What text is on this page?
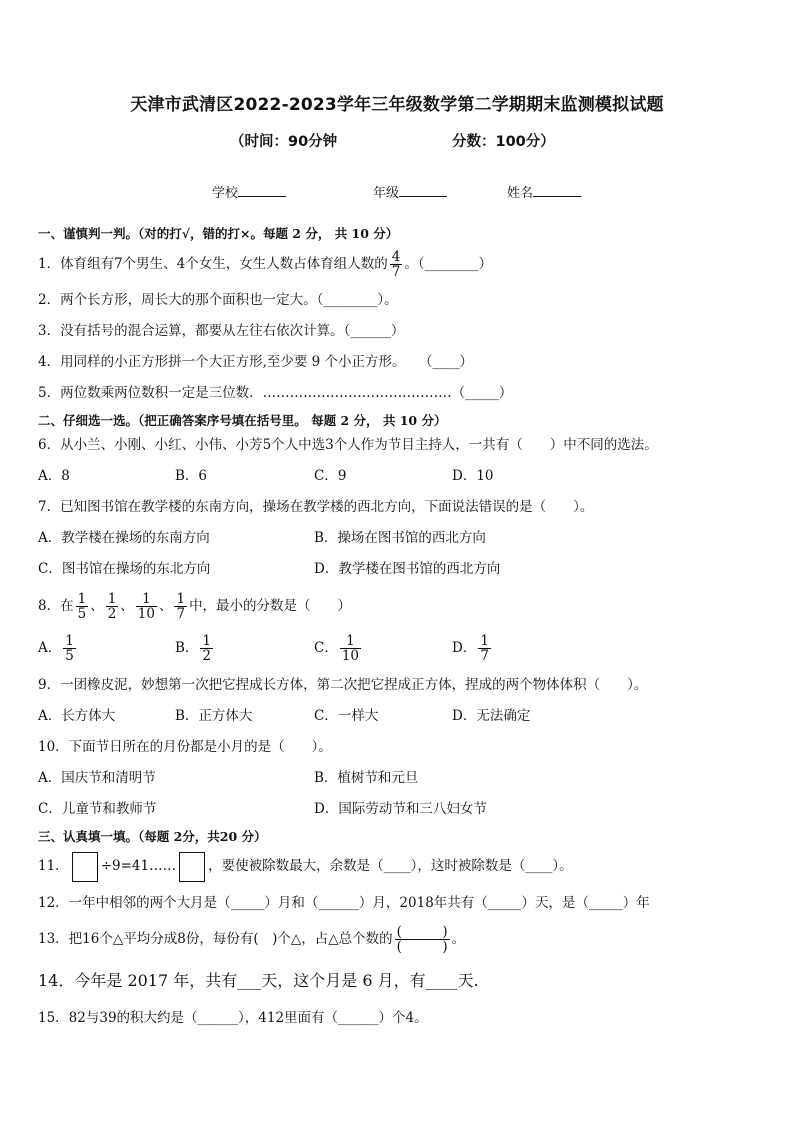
天津市武清区2022-2023学年三年级数学第二学期期末监测模拟试题
（时间：90分钟	分数：100分）
学校	年级	姓名
一、谨慎判一判。（对的打√，错的打×。每题 2 分， 共 10 分）
1．体育组有7个男生、4个女生，女生人数占体育组人数的 $\frac{4}{7}$ 。（________）
2．两个长方形，周长大的那个面积也一定大。（________）。
3．没有括号的混合运算，都要从左往右依次计算。（______）
4．用同样的小正方形拼一个大正方形,至少要 9 个小正方形。　　（____）
5．两位数乘两位数积一定是三位数．……………………………………（_____）
二、仔细选一选。（把正确答案序号填在括号里。 每题 2 分， 共 10 分）
6．从小兰、小刚、小红、小伟、小芳5个人中选3个人作为节目主持人，一共有（　　）中不同的选法。
A．8	B．6	C．9	D．10
7．已知图书馆在教学楼的东南方向，操场在教学楼的西北方向，下面说法错误的是（　　）。
A．教学楼在操场的东南方向	B．操场在图书馆的西北方向
C．图书馆在操场的东北方向	D．教学楼在图书馆的西北方向
8．在 $\frac{1}{5}$ 、 $\frac{1}{2}$ 、 $\frac{1}{10}$ 、 $\frac{1}{7}$ 中，最小的分数是（　　）
A． $\frac{1}{5}$	B． $\frac{1}{2}$	C． $\frac{1}{10}$	D． $\frac{1}{7}$
9．一团橡皮泥，妙想第一次把它捏成长方体，第二次把它捏成正方体，捏成的两个物体体积（　　）。
A．长方体大	B．正方体大	C．一样大	D．无法确定
10．下面节日所在的月份都是小月的是（　　）。
A．国庆节和清明节	B．植树节和元旦
C．儿童节和教师节	D．国际劳动节和三八妇女节
三、认真填一填。（每题 2分，共20 分）
11． ÷9=41…… ，要使被除数最大，余数是（____），这时被除数是（____）。
12．一年中相邻的两个大月是（_____）月和（______）月，2018年共有（_____）天，是（_____）年
13．把16个△平均分成8份，每份有(　)个△，占△总个数的 $\frac{( )}{( )}$ 。
14．今年是 2017 年，共有___天，这个月是 6 月，有____天.
15．82与39的积大约是（______），412里面有（______）个4。
